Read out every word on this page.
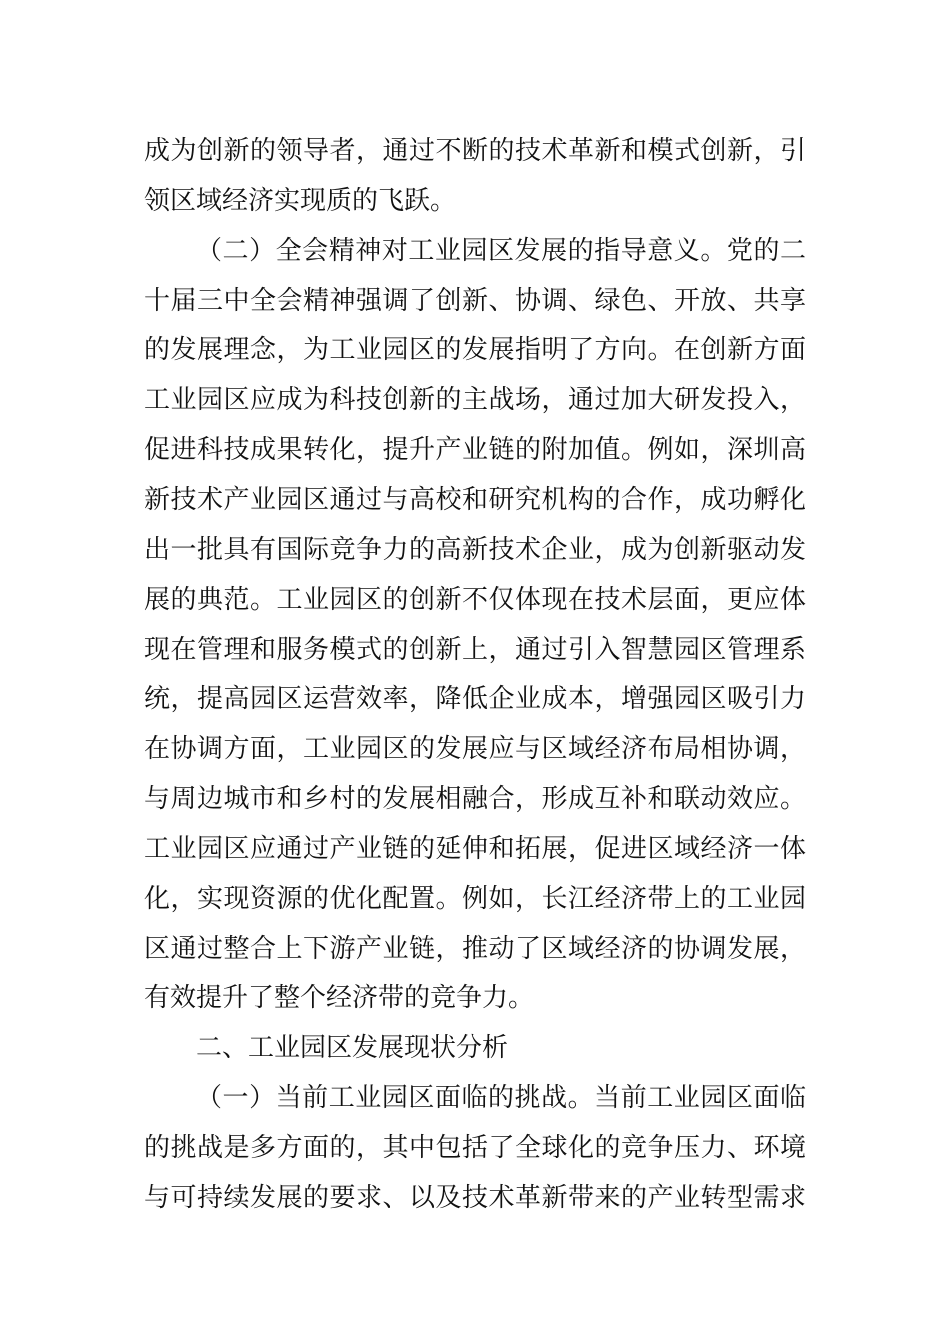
成为创新的领导者，通过不断的技术革新和模式创新，引
领区域经济实现质的飞跃。
（二）全会精神对工业园区发展的指导意义。党的二
十届三中全会精神强调了创新、协调、绿色、开放、共享
的发展理念，为工业园区的发展指明了方向。在创新方面
工业园区应成为科技创新的主战场，通过加大研发投入，
促进科技成果转化，提升产业链的附加值。例如，深圳高
新技术产业园区通过与高校和研究机构的合作，成功孵化
出一批具有国际竞争力的高新技术企业，成为创新驱动发
展的典范。工业园区的创新不仅体现在技术层面，更应体
现在管理和服务模式的创新上，通过引入智慧园区管理系
统，提高园区运营效率，降低企业成本，增强园区吸引力
在协调方面，工业园区的发展应与区域经济布局相协调，
与周边城市和乡村的发展相融合，形成互补和联动效应。
工业园区应通过产业链的延伸和拓展，促进区域经济一体
化，实现资源的优化配置。例如，长江经济带上的工业园
区通过整合上下游产业链，推动了区域经济的协调发展，
有效提升了整个经济带的竞争力。
二、工业园区发展现状分析
（一）当前工业园区面临的挑战。当前工业园区面临
的挑战是多方面的，其中包括了全球化的竞争压力、环境
与可持续发展的要求、以及技术革新带来的产业转型需求
